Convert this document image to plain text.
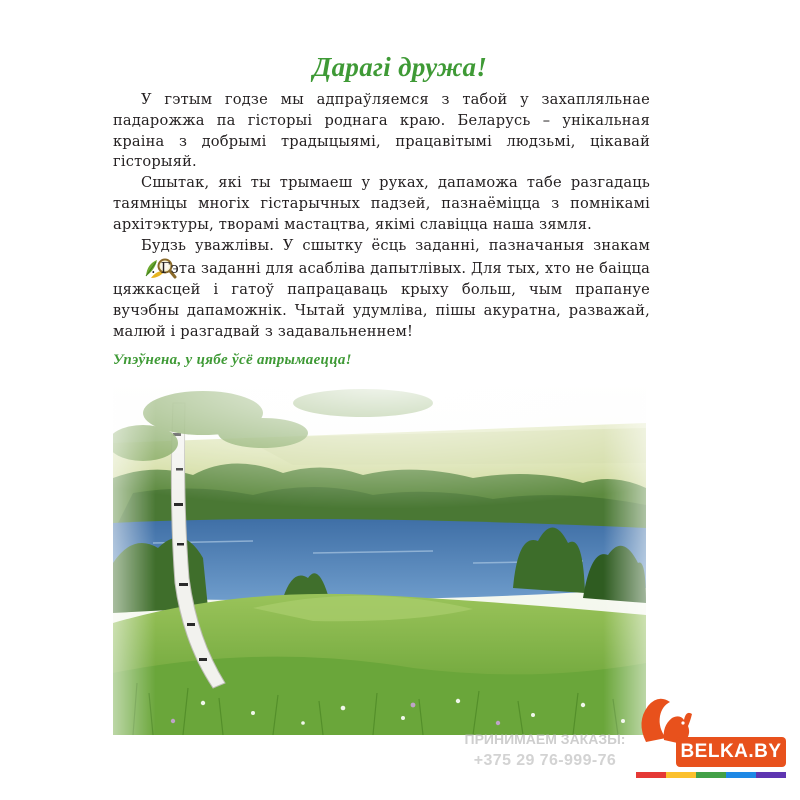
Дарагі дружа!

У гэтым годзе мы адпраўляемся з табой у захапляльнае падарожжа па гісторыі роднага краю. Беларусь – унікальная краіна з добрымі традыцыямі, працавітымі людзьмі, цікавай гісторыяй.

Сшытак, які ты трымаеш у руках, дапаможа табе разгадаць таямніцы многіх гістарычных падзей, пазнаёміцца з помнікамі архітэктуры, творамі мастацтва, якімі славіцца наша зямля.

Будзь уважлівы. У сшытку ёсць заданні, пазначаныя знакам . Гэта заданні для асабліва дапытлівых. Для тых, хто не баіцца цяжкасцей і гатоў папрацаваць крыху больш, чым прапануе вучэбны дапаможнік. Чытай удумліва, пішы акуратна, разважай, малюй і разгадвай з задавальненнем!

Упэўнена, у цябе ўсё атрымаецца!
ПРИНИМАЕМ ЗАКАЗЫ:
+375 29 76-999-76	BELKA.BY
